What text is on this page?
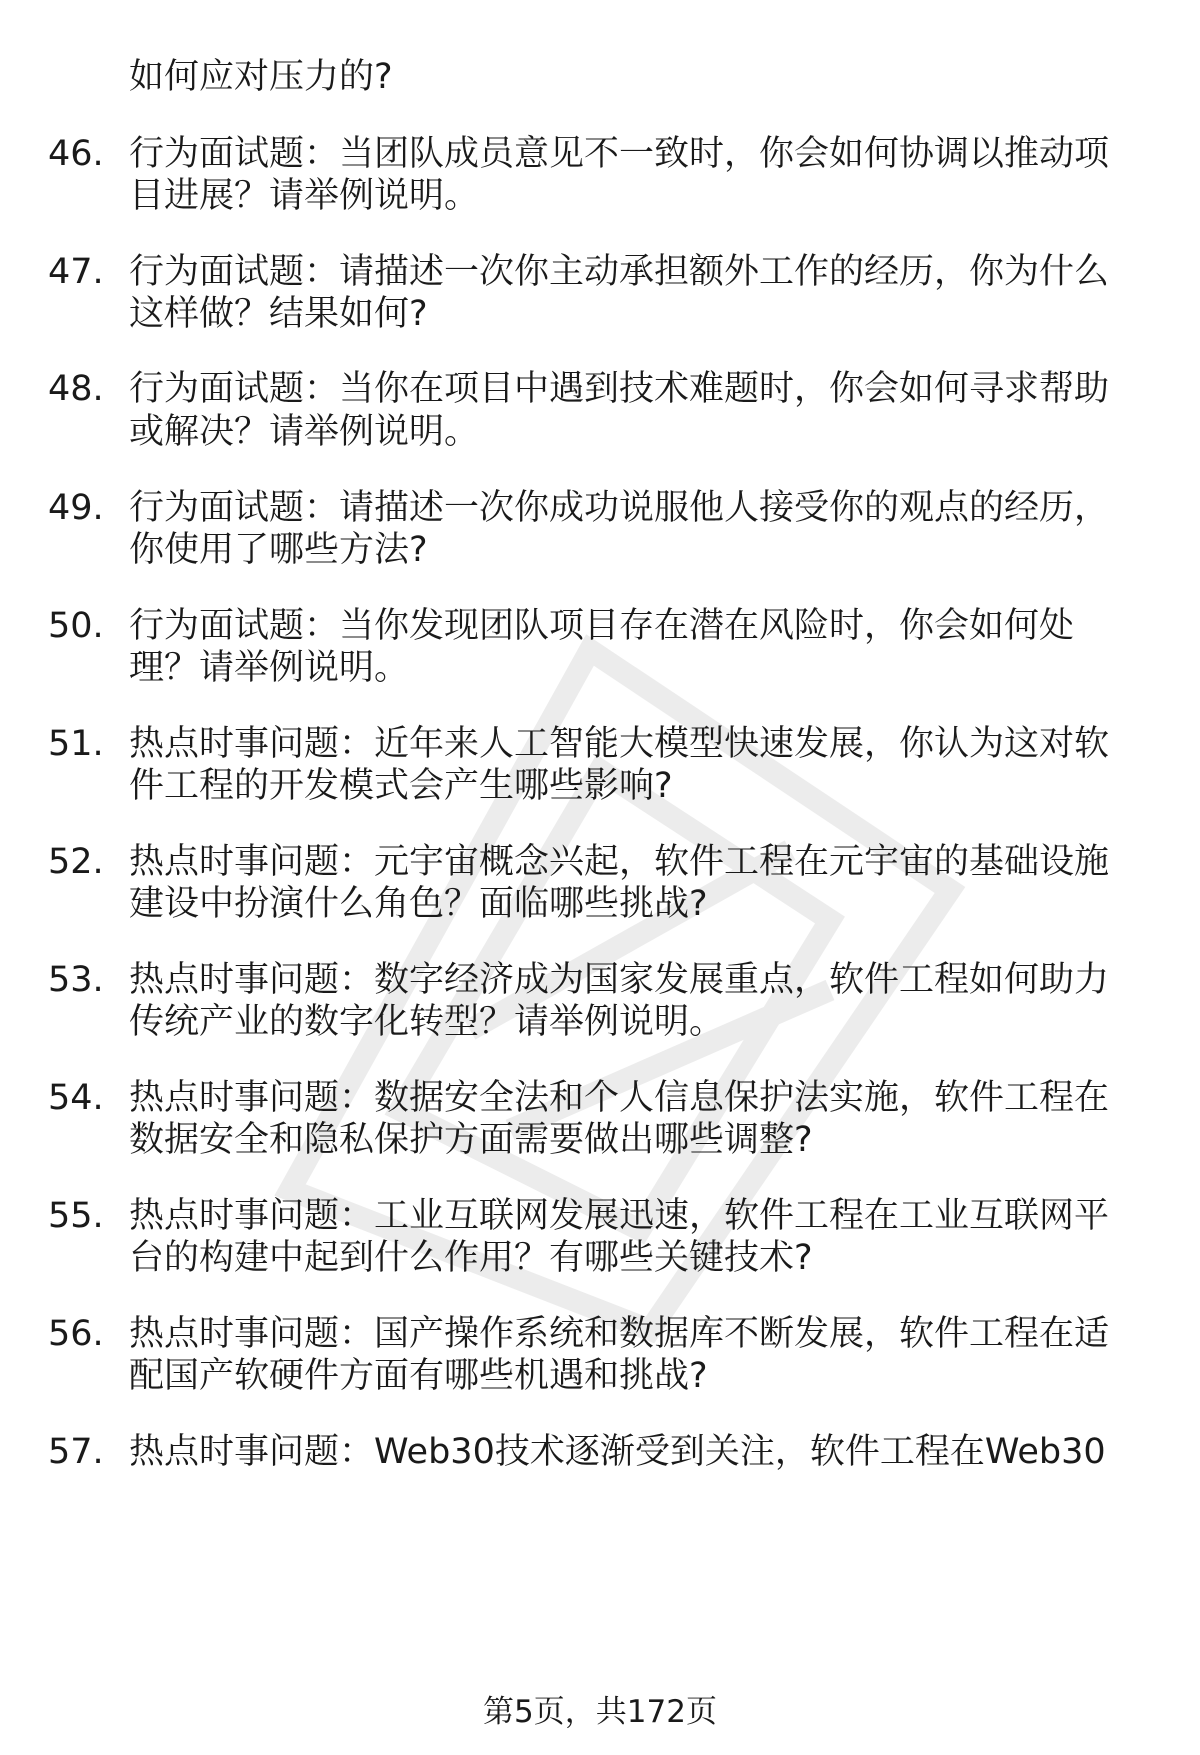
如何应对压力的?
46. 行为面试题：当团队成员意见不一致时，你会如何协调以推动项
目进展？请举例说明。
47. 行为面试题：请描述一次你主动承担额外工作的经历，你为什么
这样做？结果如何?
48. 行为面试题：当你在项目中遇到技术难题时，你会如何寻求帮助
或解决？请举例说明。
49. 行为面试题：请描述一次你成功说服他人接受你的观点的经历，
你使用了哪些方法?
50. 行为面试题：当你发现团队项目存在潜在风险时，你会如何处
理？请举例说明。
51. 热点时事问题：近年来人工智能大模型快速发展，你认为这对软
件工程的开发模式会产生哪些影响?
52. 热点时事问题：元宇宙概念兴起，软件工程在元宇宙的基础设施
建设中扮演什么角色？面临哪些挑战?
53. 热点时事问题：数字经济成为国家发展重点，软件工程如何助力
传统产业的数字化转型？请举例说明。
54. 热点时事问题：数据安全法和个人信息保护法实施，软件工程在
数据安全和隐私保护方面需要做出哪些调整?
55. 热点时事问题：工业互联网发展迅速，软件工程在工业互联网平
台的构建中起到什么作用？有哪些关键技术?
56. 热点时事问题：国产操作系统和数据库不断发展，软件工程在适
配国产软硬件方面有哪些机遇和挑战?
57. 热点时事问题：Web30技术逐渐受到关注，软件工程在Web30
第5页，共172页
